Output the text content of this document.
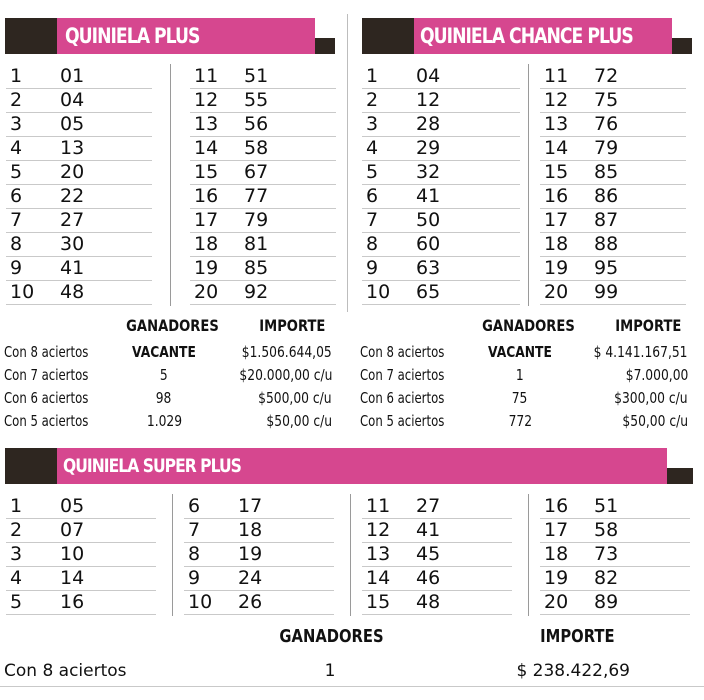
QUINIELA PLUS	QUINIELA CHANCE PLUS
1	01
2	04
3	05
4	13
5	20
6	22
7	27
8	30
9	41
10	48
11	51
12	55
13	56
14	58
15	67
16	77
17	79
18	81
19	85
20	92
1	04
2	12
3	28
4	29
5	32
6	41
7	50
8	60
9	63
10	65
11	72
12	75
13	76
14	79
15	85
16	86
17	87
18	88
19	95
20	99
GANADORES	IMPORTE
Con 8 aciertos	VACANTE	$1.506.644,05
Con 7 aciertos	5	$20.000,00 c/u
Con 6 aciertos	98	$500,00 c/u
Con 5 aciertos	1.029	$50,00 c/u
GANADORES	IMPORTE
Con 8 aciertos	VACANTE	$ 4.141.167,51
Con 7 aciertos	1	$7.000,00
Con 6 aciertos	75	$300,00 c/u
Con 5 aciertos	772	$50,00 c/u
QUINIELA SUPER PLUS
1	05
2	07
3	10
4	14
5	16
6	17
7	18
8	19
9	24
10	26
11	27
12	41
13	45
14	46
15	48
16	51
17	58
18	73
19	82
20	89
GANADORES	IMPORTE
Con 8 aciertos	1	$ 238.422,69
